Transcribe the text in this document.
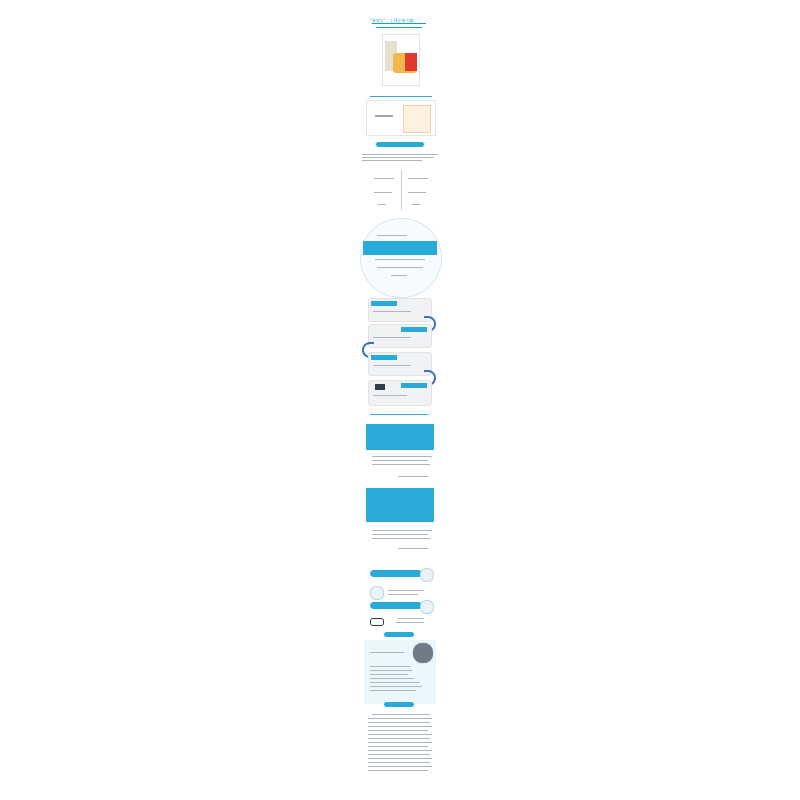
"备课宝"、上课必备书籍
